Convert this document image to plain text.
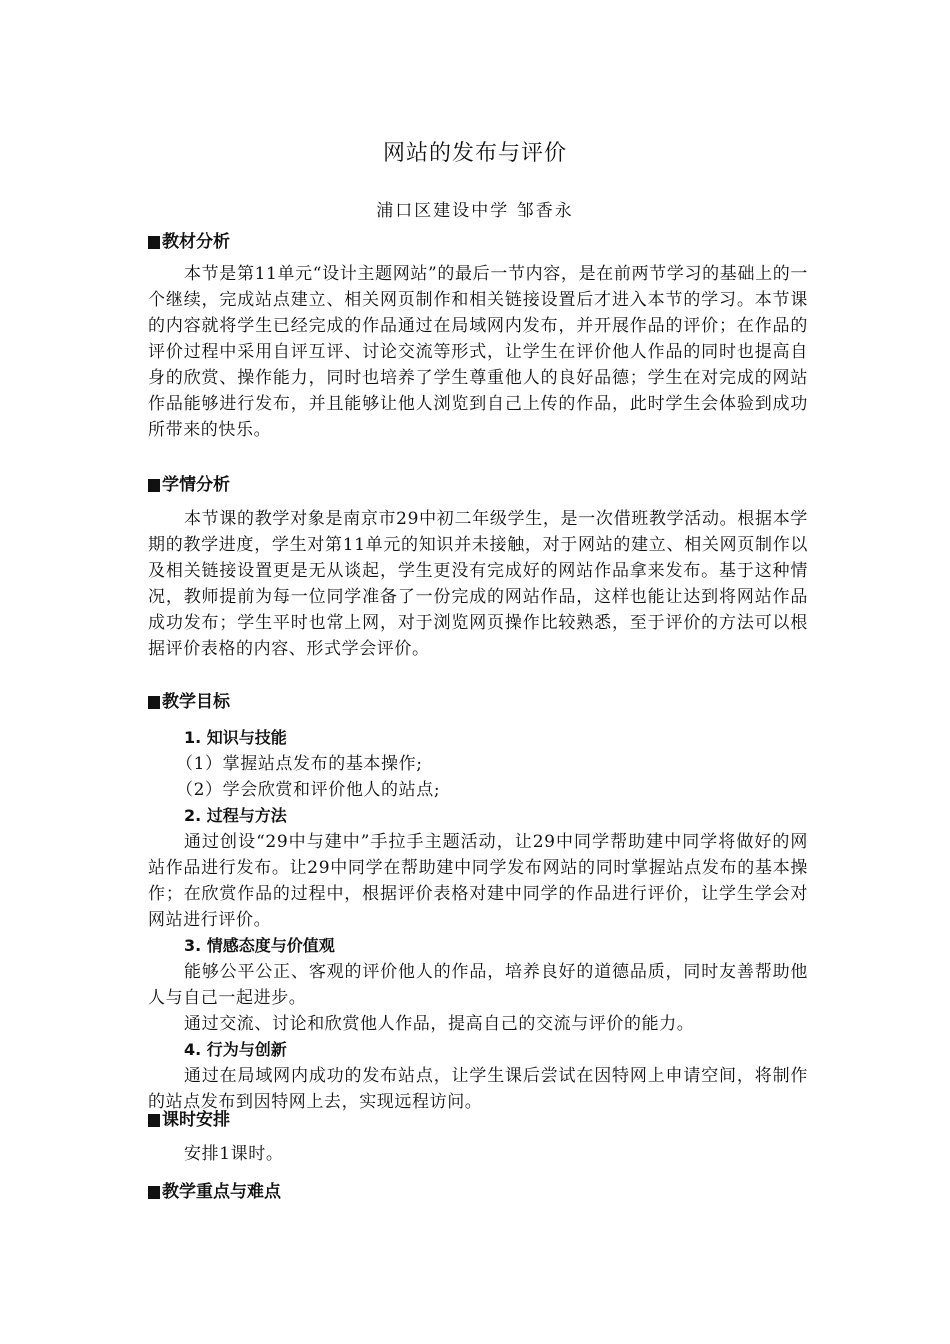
网站的发布与评价
浦口区建设中学 邹香永
教材分析

本节是第11单元“设计主题网站”的最后一节内容，是在前两节学习的基础上的一个继续，完成站点建立、相关网页制作和相关链接设置后才进入本节的学习。本节课的内容就将学生已经完成的作品通过在局域网内发布，并开展作品的评价；在作品的评价过程中采用自评互评、讨论交流等形式，让学生在评价他人作品的同时也提高自身的欣赏、操作能力，同时也培养了学生尊重他人的良好品德；学生在对完成的网站作品能够进行发布，并且能够让他人浏览到自己上传的作品，此时学生会体验到成功所带来的快乐。

学情分析

本节课的教学对象是南京市29中初二年级学生，是一次借班教学活动。根据本学期的教学进度，学生对第11单元的知识并未接触，对于网站的建立、相关网页制作以及相关链接设置更是无从谈起，学生更没有完成好的网站作品拿来发布。基于这种情况，教师提前为每一位同学准备了一份完成的网站作品，这样也能让达到将网站作品成功发布；学生平时也常上网，对于浏览网页操作比较熟悉，至于评价的方法可以根据评价表格的内容、形式学会评价。

教学目标

1. 知识与技能

（1）掌握站点发布的基本操作;

（2）学会欣赏和评价他人的站点;

2. 过程与方法

通过创设“29中与建中”手拉手主题活动，让29中同学帮助建中同学将做好的网站作品进行发布。让29中同学在帮助建中同学发布网站的同时掌握站点发布的基本操作；在欣赏作品的过程中，根据评价表格对建中同学的作品进行评价，让学生学会对网站进行评价。

3. 情感态度与价值观

能够公平公正、客观的评价他人的作品，培养良好的道德品质，同时友善帮助他人与自己一起进步。

通过交流、讨论和欣赏他人作品，提高自己的交流与评价的能力。

4. 行为与创新

通过在局域网内成功的发布站点，让学生课后尝试在因特网上申请空间，将制作的站点发布到因特网上去，实现远程访问。

课时安排

安排1课时。

教学重点与难点
